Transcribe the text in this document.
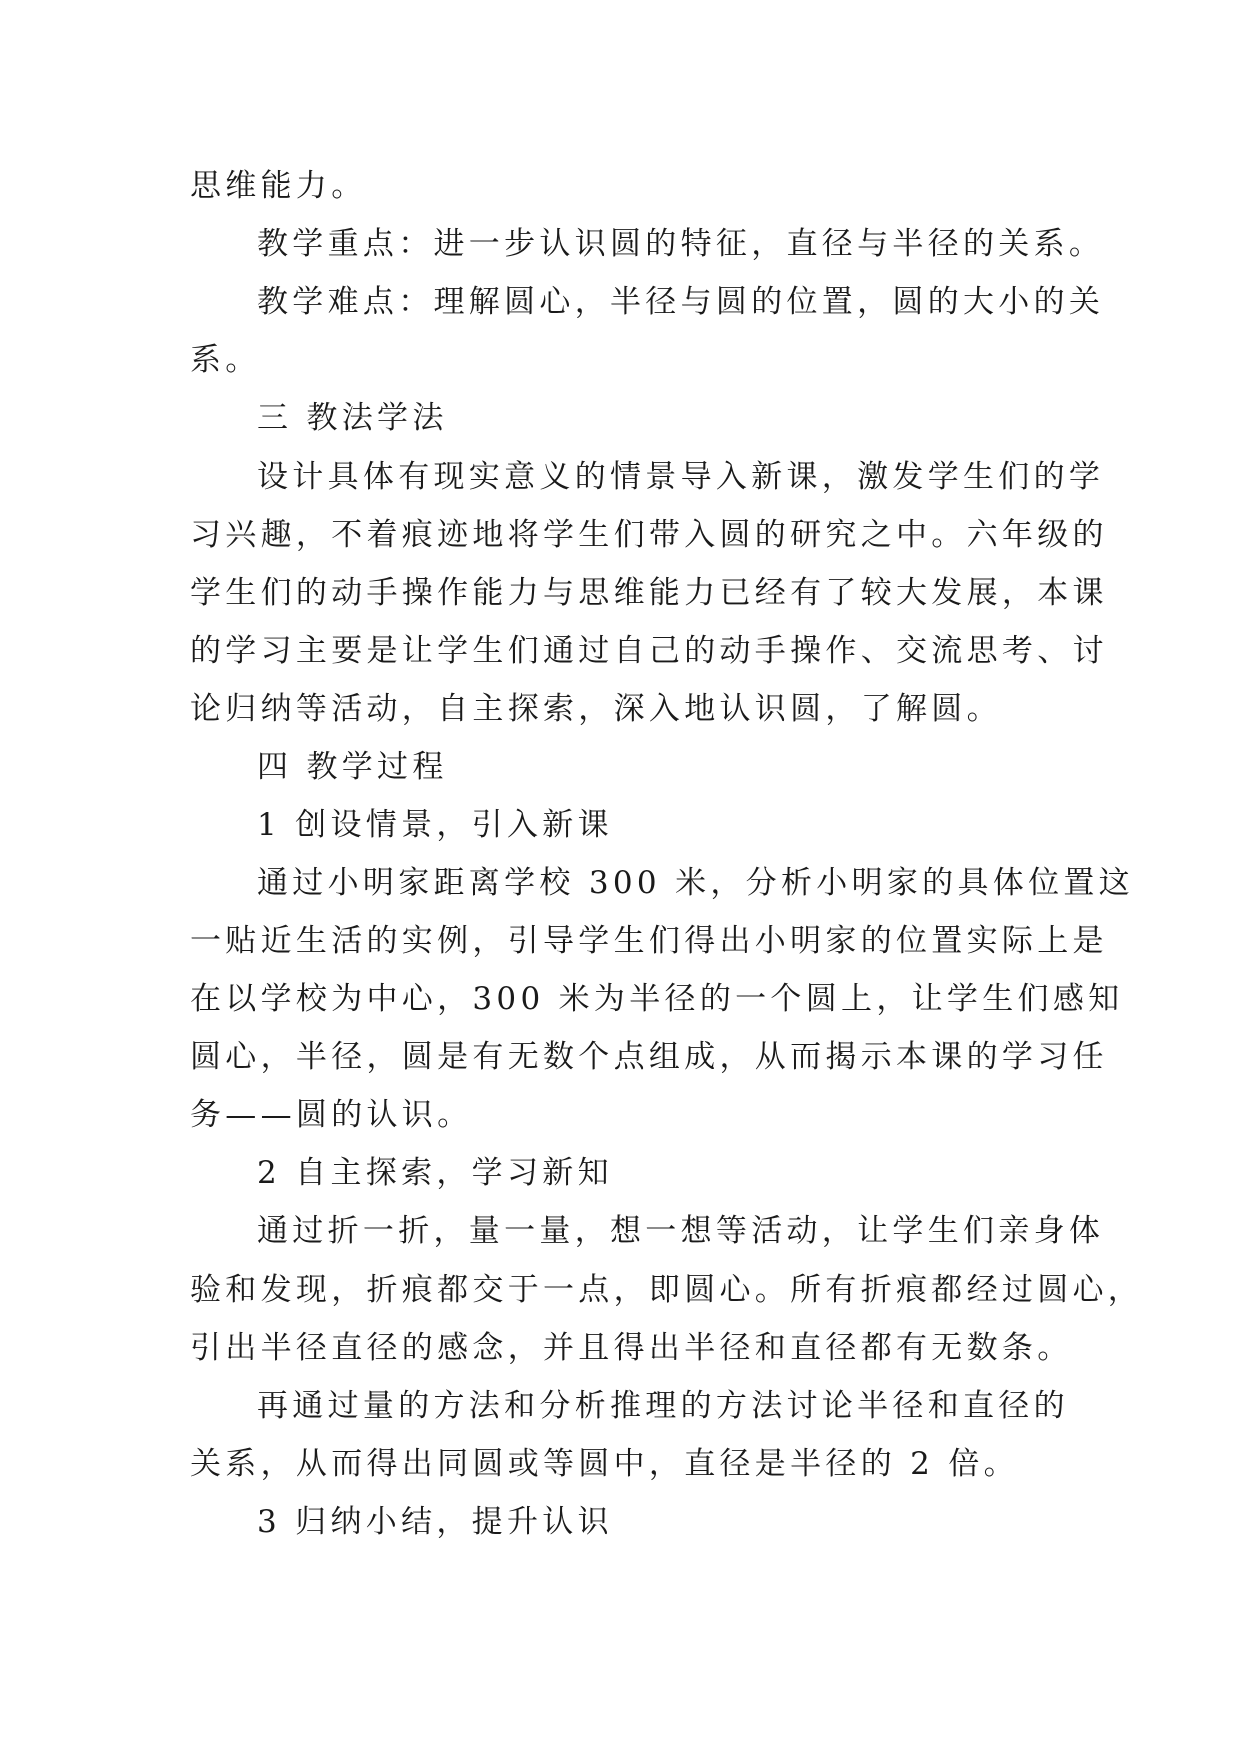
思维能力。
教学重点：进一步认识圆的特征，直径与半径的关系。
教学难点：理解圆心，半径与圆的位置，圆的大小的关
系。
三 教法学法
设计具体有现实意义的情景导入新课，激发学生们的学
习兴趣，不着痕迹地将学生们带入圆的研究之中。六年级的
学生们的动手操作能力与思维能力已经有了较大发展，本课
的学习主要是让学生们通过自己的动手操作、交流思考、讨
论归纳等活动，自主探索，深入地认识圆，了解圆。
四 教学过程
1 创设情景，引入新课
通过小明家距离学校 300 米，分析小明家的具体位置这
一贴近生活的实例，引导学生们得出小明家的位置实际上是
在以学校为中心，300 米为半径的一个圆上，让学生们感知
圆心，半径，圆是有无数个点组成，从而揭示本课的学习任
务——圆的认识。
2 自主探索，学习新知
通过折一折，量一量，想一想等活动，让学生们亲身体
验和发现，折痕都交于一点，即圆心。所有折痕都经过圆心，
引出半径直径的感念，并且得出半径和直径都有无数条。
再通过量的方法和分析推理的方法讨论半径和直径的
关系，从而得出同圆或等圆中，直径是半径的 2 倍。
3 归纳小结，提升认识
